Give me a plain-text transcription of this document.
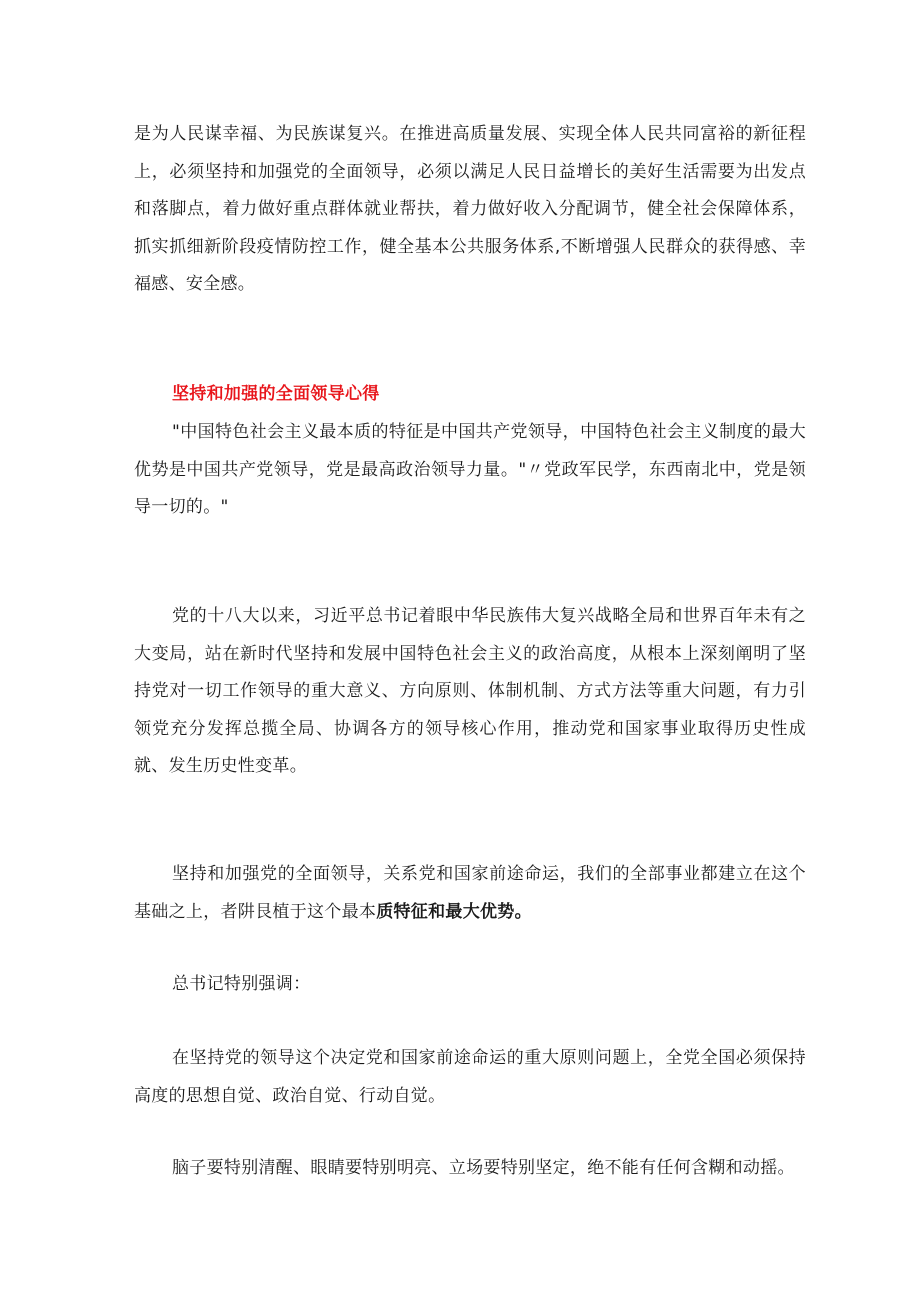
是为人民谋幸福、为民族谋复兴。在推进高质量发展、实现全体人民共同富裕的新征程上，必须坚持和加强党的全面领导，必须以满足人民日益增长的美好生活需要为出发点和落脚点，着力做好重点群体就业帮扶，着力做好收入分配调节，健全社会保障体系，抓实抓细新阶段疫情防控工作，健全基本公共服务体系,不断增强人民群众的获得感、幸福感、安全感。

坚持和加强的全面领导心得

"中国特色社会主义最本质的特征是中国共产党领导，中国特色社会主义制度的最大优势是中国共产党领导，党是最高政治领导力量。"〃党政军民学，东西南北中，党是领导一切的。"

党的十八大以来，习近平总书记着眼中华民族伟大复兴战略全局和世界百年未有之大变局，站在新时代坚持和发展中国特色社会主义的政治高度，从根本上深刻阐明了坚持党对一切工作领导的重大意义、方向原则、体制机制、方式方法等重大问题，有力引领党充分发挥总揽全局、协调各方的领导核心作用，推动党和国家事业取得历史性成就、发生历史性变革。

坚持和加强党的全面领导，关系党和国家前途命运，我们的全部事业都建立在这个基础之上，者阱艮植于这个最本质特征和最大优势。

总书记特别强调：

在坚持党的领导这个决定党和国家前途命运的重大原则问题上，全党全国必须保持高度的思想自觉、政治自觉、行动自觉。

脑子要特别清醒、眼睛要特别明亮、立场要特别坚定，绝不能有任何含糊和动摇。
